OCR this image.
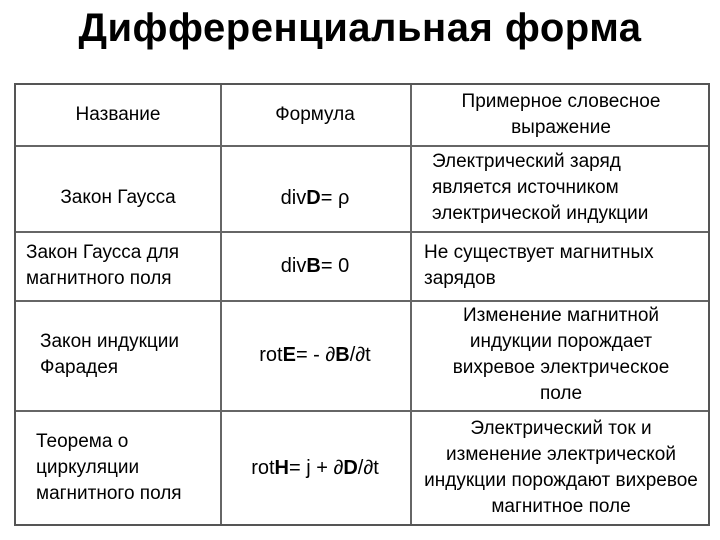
Дифференциальная форма
Название	Формула
Примерное словесное выражение
Закон Гаусса	div D = ρ
Электрический заряд является источником электрической индукции
Закон Гаусса для магнитного поля
div B = 0
Не существует магнитных зарядов
Закон индукции Фарадея
rot E = - ∂ B /∂t
Изменение магнитной индукции порождает вихревое электрическое поле
Теорема о циркуляции магнитного поля
rot H = j + ∂ D /∂t
Электрический ток и изменение электрической индукции порождают вихревое магнитное поле
